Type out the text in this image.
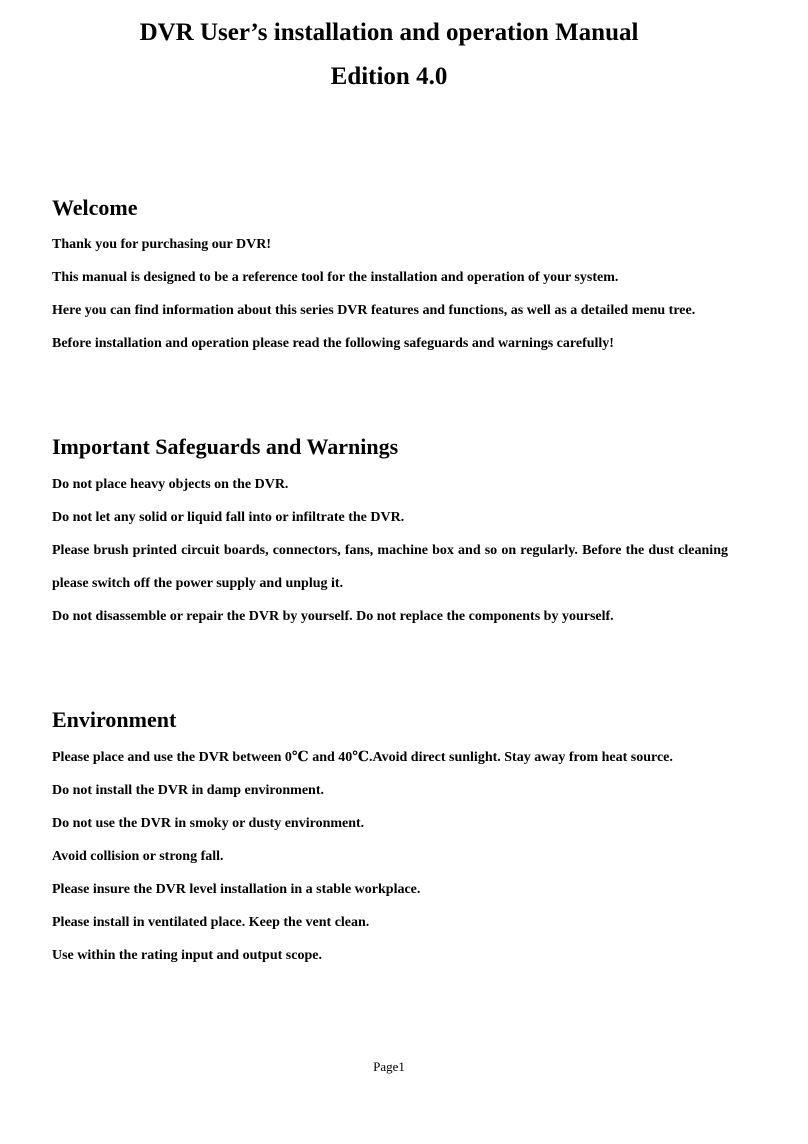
DVR User’s installation and operation Manual
Edition 4.0
Welcome

Thank you for purchasing our DVR!

This manual is designed to be a reference tool for the installation and operation of your system.

Here you can find information about this series DVR features and functions, as well as a detailed menu tree.

Before installation and operation please read the following safeguards and warnings carefully!

Important Safeguards and Warnings

Do not place heavy objects on the DVR.

Do not let any solid or liquid fall into or infiltrate the DVR.

Please brush printed circuit boards, connectors, fans, machine box and so on regularly. Before the dust cleaning please switch off the power supply and unplug it.

Do not disassemble or repair the DVR by yourself. Do not replace the components by yourself.

Environment

Please place and use the DVR between 0℃ and 40℃.Avoid direct sunlight. Stay away from heat source.

Do not install the DVR in damp environment.

Do not use the DVR in smoky or dusty environment.

Avoid collision or strong fall.

Please insure the DVR level installation in a stable workplace.

Please install in ventilated place. Keep the vent clean.

Use within the rating input and output scope.

Page1
